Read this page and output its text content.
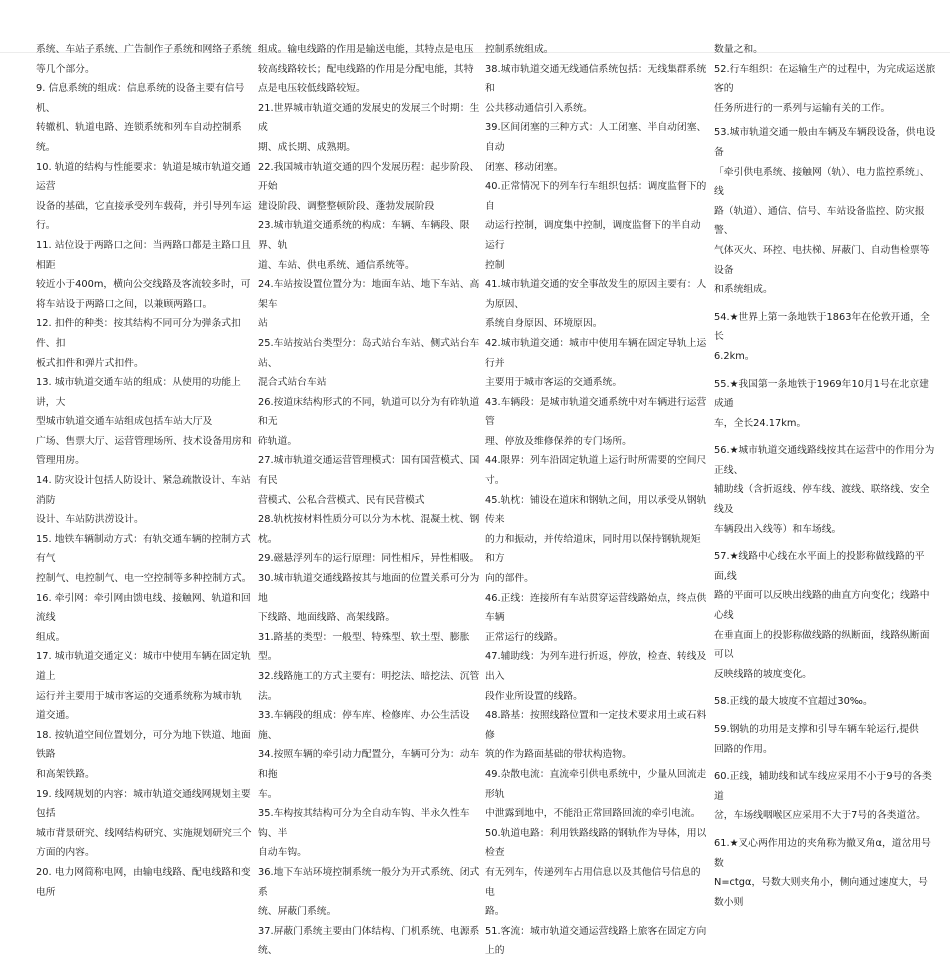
系统、车站子系统、广告制作子系统和网络子系统
等几个部分。
9. 信息系统的组成：信息系统的设备主要有信号机、
转辙机、轨道电路、连锁系统和列车自动控制系统。
10. 轨道的结构与性能要求：轨道是城市轨道交通运营
设备的基础，它直接承受列车载荷，并引导列车运
行。
11. 站位设于两路口之间：当两路口都是主路口且相距
较近小于400m，横向公交线路及客流较多时，可
将车站设于两路口之间，以兼顾两路口。
12. 扣件的种类：按其结构不同可分为弹条式扣件、扣
板式扣件和弹片式扣件。
13. 城市轨道交通车站的组成：从使用的功能上讲，大
型城市轨道交通车站组成包括车站大厅及
广场、售票大厅、运营管理场所、技术设备用房和
管理用房。
14. 防灾设计包括人防设计、紧急疏散设计、车站消防
设计、车站防洪涝设计。
15. 地铁车辆制动方式：有轨交通车辆的控制方式有气
控制气、电控制气、电一空控制等多种控制方式。
16. 牵引网：牵引网由馈电线、接触网、轨道和回流线
组成。
17. 城市轨道交通定义：城市中使用车辆在固定轨道上
运行并主要用于城市客运的交通系统称为城市轨
道交通。
18. 按轨道空间位置划分，可分为地下铁道、地面铁路
和高架铁路。
19. 线网规划的内容：城市轨道交通线网规划主要包括
城市背景研究、线网结构研究、实施规划研究三个
方面的内容。
20. 电力网简称电网，由输电线路、配电线路和变电所
组成。输电线路的作用是输送电能，其特点是电压
较高线路较长；配电线路的作用是分配电能，其特
点是电压较低线路较短。
21.世界城市轨道交通的发展史的发展三个时期：生成
期、成长期、成熟期。
22.我国城市轨道交通的四个发展历程：起步阶段、开始
建设阶段、调整整顿阶段、蓬勃发展阶段
23.城市轨道交通系统的构成：车辆、车辆段、限界、轨
道、车站、供电系统、通信系统等。
24.车站按设置位置分为：地面车站、地下车站、高架车
站
25.车站按站台类型分：岛式站台车站、侧式站台车站、
混合式站台车站
26.按道床结构形式的不同，轨道可以分为有砟轨道和无
砟轨道。
27.城市轨道交通运营管理模式：国有国营模式、国有民
营模式、公私合营模式、民有民营模式
28.轨枕按材料性质分可以分为木枕、混凝土枕、钢枕。
29.磁悬浮列车的运行原理：同性相斥，异性相吸。
30.城市轨道交通线路按其与地面的位置关系可分为地
下线路、地面线路、高架线路。
31.路基的类型：一般型、特殊型、软土型、膨胀型。
32.线路施工的方式主要有：明挖法、暗挖法、沉管法。
33.车辆段的组成：停车库、检修库、办公生活设施、
34.按照车辆的牵引动力配置分，车辆可分为：动车和拖
车。
35.车构按其结构可分为全自动车钩、半永久性车钩、半
自动车钩。
36.地下车站环境控制系统一般分为开式系统、闭式系
统、屏蔽门系统。
37.屏蔽门系统主要由门体结构、门机系统、电源系统、
控制系统组成。
38.城市轨道交通无线通信系统包括：无线集群系统和
公共移动通信引入系统。
39.区间闭塞的三种方式：人工闭塞、半自动闭塞、自动
闭塞、移动闭塞。
40.正常情况下的列车行车组织包括：调度监督下的自
动运行控制，调度集中控制，调度监督下的半自动运行
控制
41.城市轨道交通的安全事故发生的原因主要有：人为原因、
系统自身原因、环境原因。
42.城市轨道交通：城市中使用车辆在固定导轨上运行并
主要用于城市客运的交通系统。
43.车辆段：是城市轨道交通系统中对车辆进行运营管
理、停放及维修保养的专门场所。
44.限界：列车沿固定轨道上运行时所需要的空间尺
寸。
45.轨枕：铺设在道床和钢轨之间，用以承受从钢轨传来
的力和振动，并传给道床，同时用以保持钢轨规矩和方
向的部件。
46.正线：连接所有车站贯穿运营线路始点，终点供车辆
正常运行的线路。
47.辅助线：为列车进行折返，停放，检查、转线及出入
段作业所设置的线路。
48.路基：按照线路位置和一定技术要求用土或石料修
筑的作为路面基础的带状构造物。
49.杂散电流：直流牵引供电系统中，少量从回流走形轨
中泄露到地中，不能沿正常回路回流的牵引电流。
50.轨道电路：利用铁路线路的钢轨作为导体，用以检查
有无列车，传递列车占用信息以及其他信号信息的电
路。
51.客流：城市轨道交通运营线路上旅客在固定方向上的
数量之和。
52.行车组织：在运输生产的过程中，为完成运送旅客的
任务所进行的一系列与运输有关的工作。
53.城市轨道交通一般由车辆及车辆段设备，供电设备
「牵引供电系统、接触网（轨）、电力监控系统」、线
路（轨道）、通信、信号、车站设备监控、防灾报警、
气体灭火、环控、电扶梯、屏蔽门、自动售检票等设备
和系统组成。
54.★世界上第一条地铁于1863年在伦敦开通，全长
6.2km。
55.★我国第一条地铁于1969年10月1号在北京建成通
车，全长24.17km。
56.★城市轨道交通线路线按其在运营中的作用分为正线、
辅助线（含折返线、停车线、渡线、联络线、安全线及
车辆段出入线等）和车场线。
57.★线路中心线在水平面上的投影称做线路的平面,线
路的平面可以反映出线路的曲直方向变化；线路中心线
在垂直面上的投影称做线路的纵断面，线路纵断面可以
反映线路的坡度变化。
58.正线的最大坡度不宜超过30‰。
59.钢轨的功用是支撑和引导车辆车轮运行,提供
回路的作用。
60.正线，辅助线和试车线应采用不小于9号的各类道
岔，车场线咽喉区应采用不大于7号的各类道岔。
61.★叉心两作用边的夹角称为撤叉角α，道岔用号数
N=ctgα，号数大则夹角小，侧向通过速度大，号数小则
